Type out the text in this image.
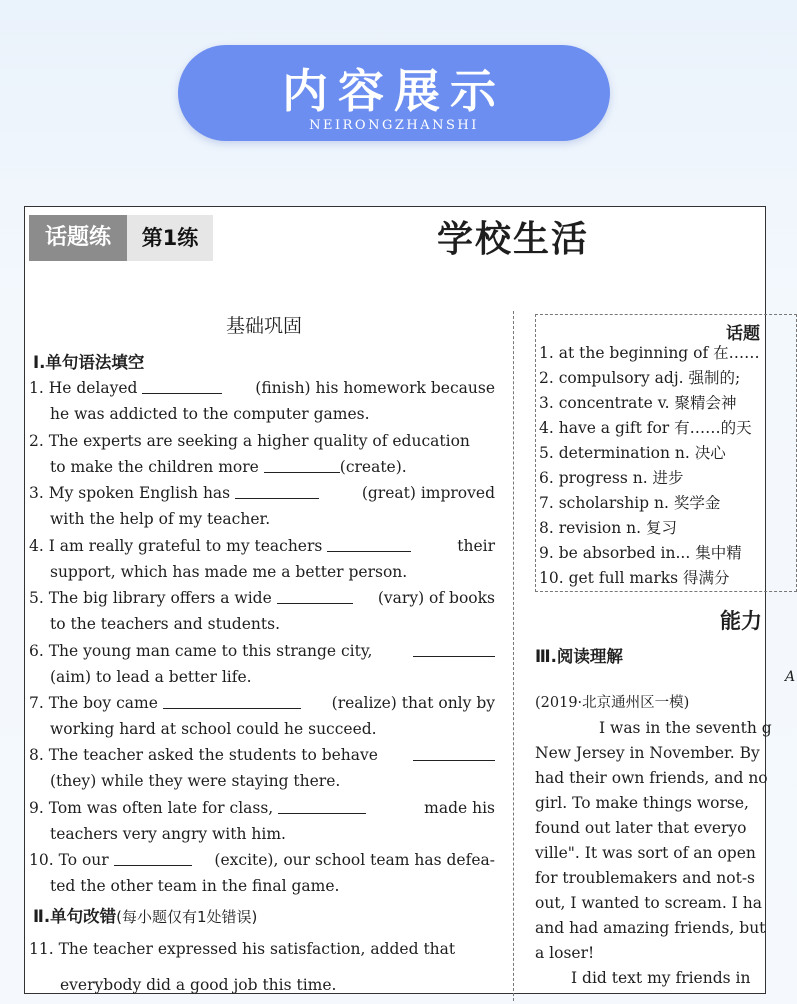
内容展示
NEIRONGZHANSHI
话题练	第1练	学校生活
基础巩固
Ⅰ.单句语法填空
1. He delayed	(finish) his homework because
he was addicted to the computer games.
2. The experts are seeking a higher quality of education
to make the children more	(create).
3. My spoken English has	(great) improved
with the help of my teacher.
4. I am really grateful to my teachers	their
support, which has made me a better person.
5. The big library offers a wide	(vary) of books
to the teachers and students.
6. The young man came to this strange city,
(aim) to lead a better life.
7. The boy came	(realize) that only by
working hard at school could he succeed.
8. The teacher asked the students to behave
(they) while they were staying there.
9. Tom was often late for class,	made his
teachers very angry with him.
10. To our	(excite), our school team has defea-
ted the other team in the final game.
Ⅱ.单句改错(每小题仅有1处错误)
11. The teacher expressed his satisfaction, added that
everybody did a good job this time.
话题
1. at the beginning of 在……
2. compulsory adj. 强制的;
3. concentrate v. 聚精会神
4. have a gift for 有……的天
5. determination n. 决心
6. progress n. 进步
7. scholarship n. 奖学金
8. revision n. 复习
9. be absorbed in... 集中精
10. get full marks 得满分
能力
Ⅲ.阅读理解
A
(2019·北京通州区一模)
I was in the seventh g
New Jersey in November. By
had their own friends, and no
girl. To make things worse,
found out later that everyo
ville". It was sort of an open
for troublemakers and not-s
out, I wanted to scream. I ha
and had amazing friends, but
a loser!
I did text my friends in
